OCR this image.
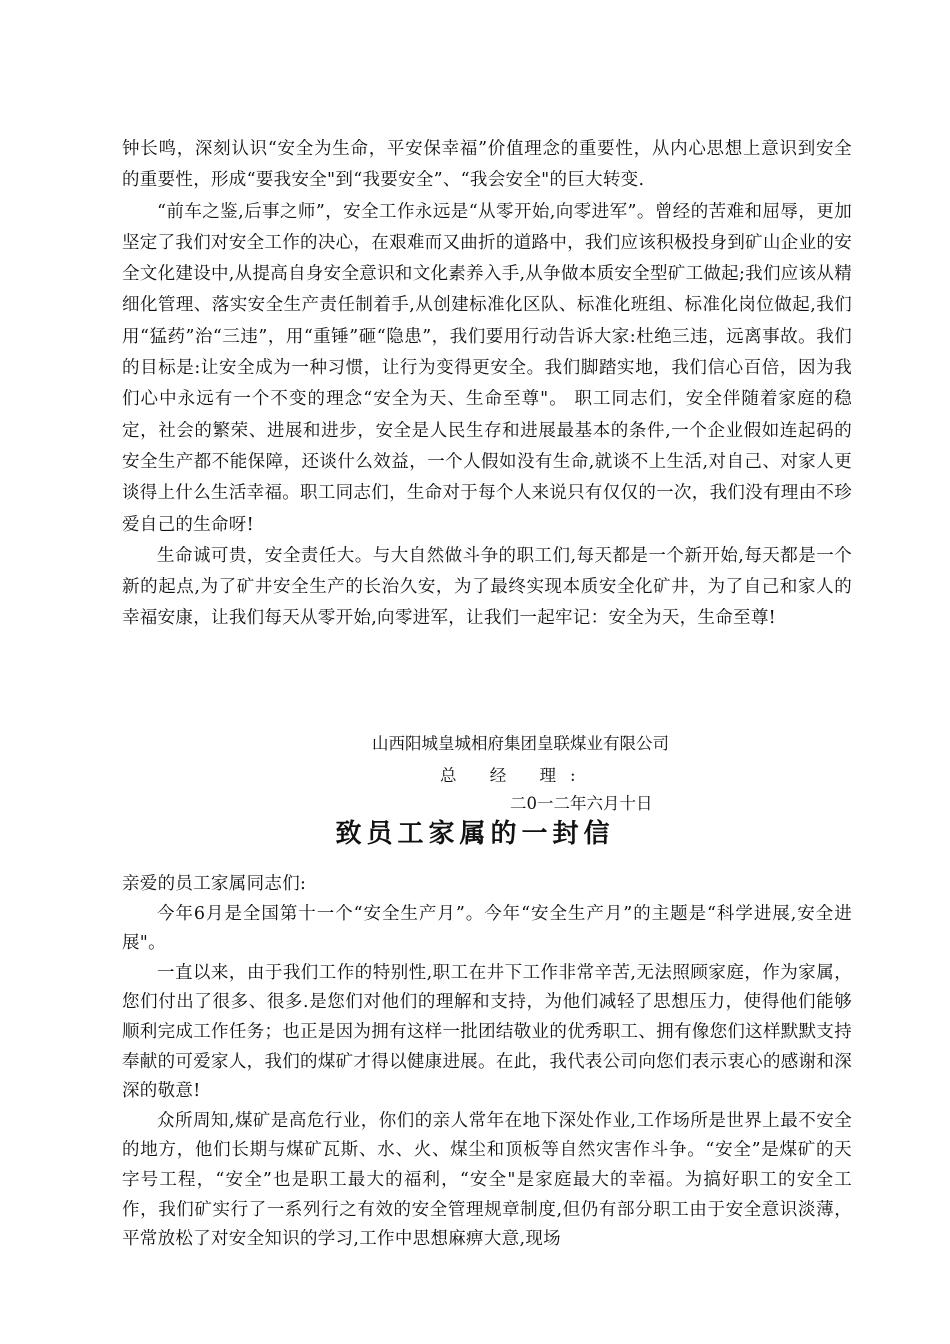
钟长鸣，深刻认识“安全为生命，平安保幸福”价值理念的重要性，从内心思想上意识到安全的重要性，形成“要我安全"到“我要安全”、“我会安全"的巨大转变.

“前车之鉴,后事之师”，安全工作永远是“从零开始,向零进军”。曾经的苦难和屈辱，更加坚定了我们对安全工作的决心，在艰难而又曲折的道路中，我们应该积极投身到矿山企业的安全文化建设中,从提高自身安全意识和文化素养入手,从争做本质安全型矿工做起;我们应该从精细化管理、落实安全生产责任制着手,从创建标准化区队、标准化班组、标准化岗位做起,我们用“猛药”治“三违”，用“重锤”砸“隐患”，我们要用行动告诉大家:杜绝三违，远离事故。我们的目标是:让安全成为一种习惯，让行为变得更安全。我们脚踏实地，我们信心百倍，因为我们心中永远有一个不变的理念“安全为天、生命至尊"。 职工同志们，安全伴随着家庭的稳定，社会的繁荣、进展和进步，安全是人民生存和进展最基本的条件,一个企业假如连起码的安全生产都不能保障，还谈什么效益，一个人假如没有生命,就谈不上生活,对自己、对家人更谈得上什么生活幸福。职工同志们，生命对于每个人来说只有仅仅的一次，我们没有理由不珍爱自己的生命呀!

生命诚可贵，安全责任大。与大自然做斗争的职工们,每天都是一个新开始,每天都是一个新的起点,为了矿井安全生产的长治久安，为了最终实现本质安全化矿井，为了自己和家人的幸福安康，让我们每天从零开始,向零进军，让我们一起牢记：安全为天，生命至尊!

山西阳城皇城相府集团皇联煤业有限公司
总 经 理:
二0一二年六月十日
致员工家属的一封信

亲爱的员工家属同志们:

今年6月是全国第十一个“安全生产月”。今年“安全生产月”的主题是“科学进展,安全进展"。

一直以来，由于我们工作的特别性,职工在井下工作非常辛苦,无法照顾家庭，作为家属，您们付出了很多、很多.是您们对他们的理解和支持，为他们减轻了思想压力，使得他们能够顺利完成工作任务；也正是因为拥有这样一批团结敬业的优秀职工、拥有像您们这样默默支持奉献的可爱家人，我们的煤矿才得以健康进展。在此，我代表公司向您们表示衷心的感谢和深深的敬意!

众所周知,煤矿是高危行业，你们的亲人常年在地下深处作业,工作场所是世界上最不安全的地方，他们长期与煤矿瓦斯、水、火、煤尘和顶板等自然灾害作斗争。“安全”是煤矿的天字号工程，“安全”也是职工最大的福利，“安全"是家庭最大的幸福。为搞好职工的安全工作，我们矿实行了一系列行之有效的安全管理规章制度,但仍有部分职工由于安全意识淡薄，平常放松了对安全知识的学习,工作中思想麻痹大意,现场
